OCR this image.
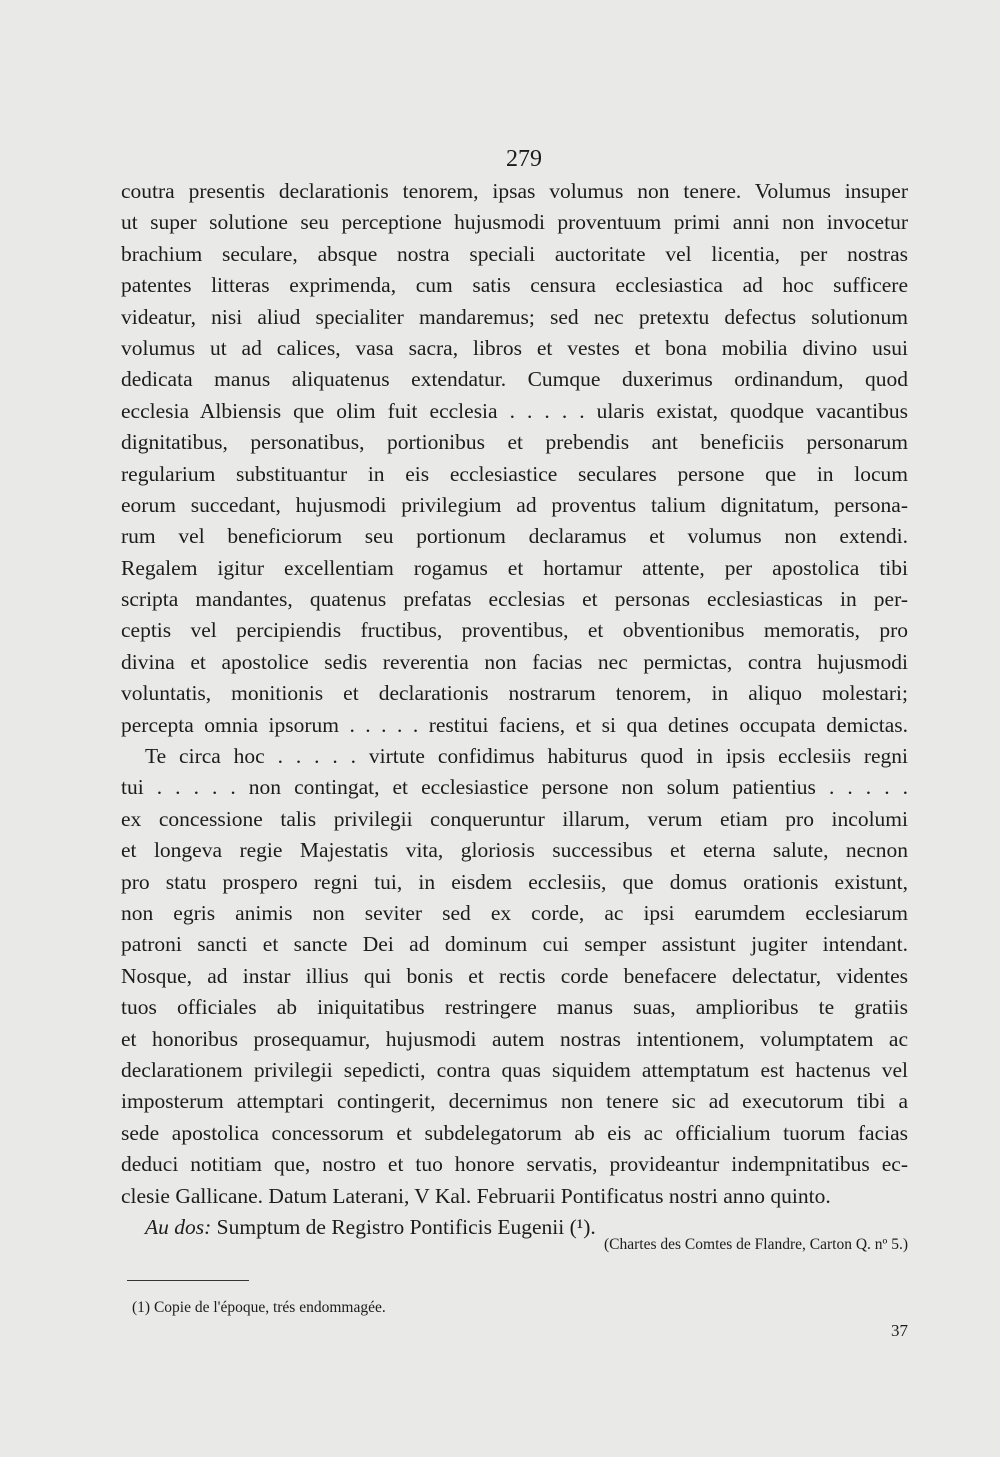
279
coutra presentis declarationis tenorem, ipsas volumus non tenere. Volumus insuper
ut super solutione seu perceptione hujusmodi proventuum primi anni non invocetur
brachium seculare, absque nostra speciali auctoritate vel licentia, per nostras
patentes litteras exprimenda, cum satis censura ecclesiastica ad hoc sufficere
videatur, nisi aliud specialiter mandaremus; sed nec pretextu defectus solutionum
volumus ut ad calices, vasa sacra, libros et vestes et bona mobilia divino usui
dedicata manus aliquatenus extendatur. Cumque duxerimus ordinandum, quod
ecclesia Albiensis que olim fuit ecclesia . . . . . ularis existat, quodque vacantibus
dignitatibus, personatibus, portionibus et prebendis ant beneficiis personarum
regularium substituantur in eis ecclesiastice seculares persone que in locum
eorum succedant, hujusmodi privilegium ad proventus talium dignitatum, persona-
rum vel beneficiorum seu portionum declaramus et volumus non extendi.
Regalem igitur excellentiam rogamus et hortamur attente, per apostolica tibi
scripta mandantes, quatenus prefatas ecclesias et personas ecclesiasticas in per-
ceptis vel percipiendis fructibus, proventibus, et obventionibus memoratis, pro
divina et apostolice sedis reverentia non facias nec permictas, contra hujusmodi
voluntatis, monitionis et declarationis nostrarum tenorem, in aliquo molestari;
percepta omnia ipsorum . . . . . restitui faciens, et si qua detines occupata demictas.
Te circa hoc . . . . . virtute confidimus habiturus quod in ipsis ecclesiis regni
tui . . . . . non contingat, et ecclesiastice persone non solum patientius . . . . .
ex concessione talis privilegii conqueruntur illarum, verum etiam pro incolumi
et longeva regie Majestatis vita, gloriosis successibus et eterna salute, necnon
pro statu prospero regni tui, in eisdem ecclesiis, que domus orationis existunt,
non egris animis non seviter sed ex corde, ac ipsi earumdem ecclesiarum
patroni sancti et sancte Dei ad dominum cui semper assistunt jugiter intendant.
Nosque, ad instar illius qui bonis et rectis corde benefacere delectatur, videntes
tuos officiales ab iniquitatibus restringere manus suas, amplioribus te gratiis
et honoribus prosequamur, hujusmodi autem nostras intentionem, volumptatem ac
declarationem privilegii sepedicti, contra quas siquidem attemptatum est hactenus vel
imposterum attemptari contingerit, decernimus non tenere sic ad executorum tibi a
sede apostolica concessorum et subdelegatorum ab eis ac officialium tuorum facias
deduci notitiam que, nostro et tuo honore servatis, provideantur indempnitatibus ec-
clesie Gallicane. Datum Laterani, V Kal. Februarii Pontificatus nostri anno quinto.
Au dos: Sumptum de Registro Pontificis Eugenii (¹).
(Chartes des Comtes de Flandre, Carton Q. nº 5.)
(1) Copie de l'époque, trés endommagée.
37
